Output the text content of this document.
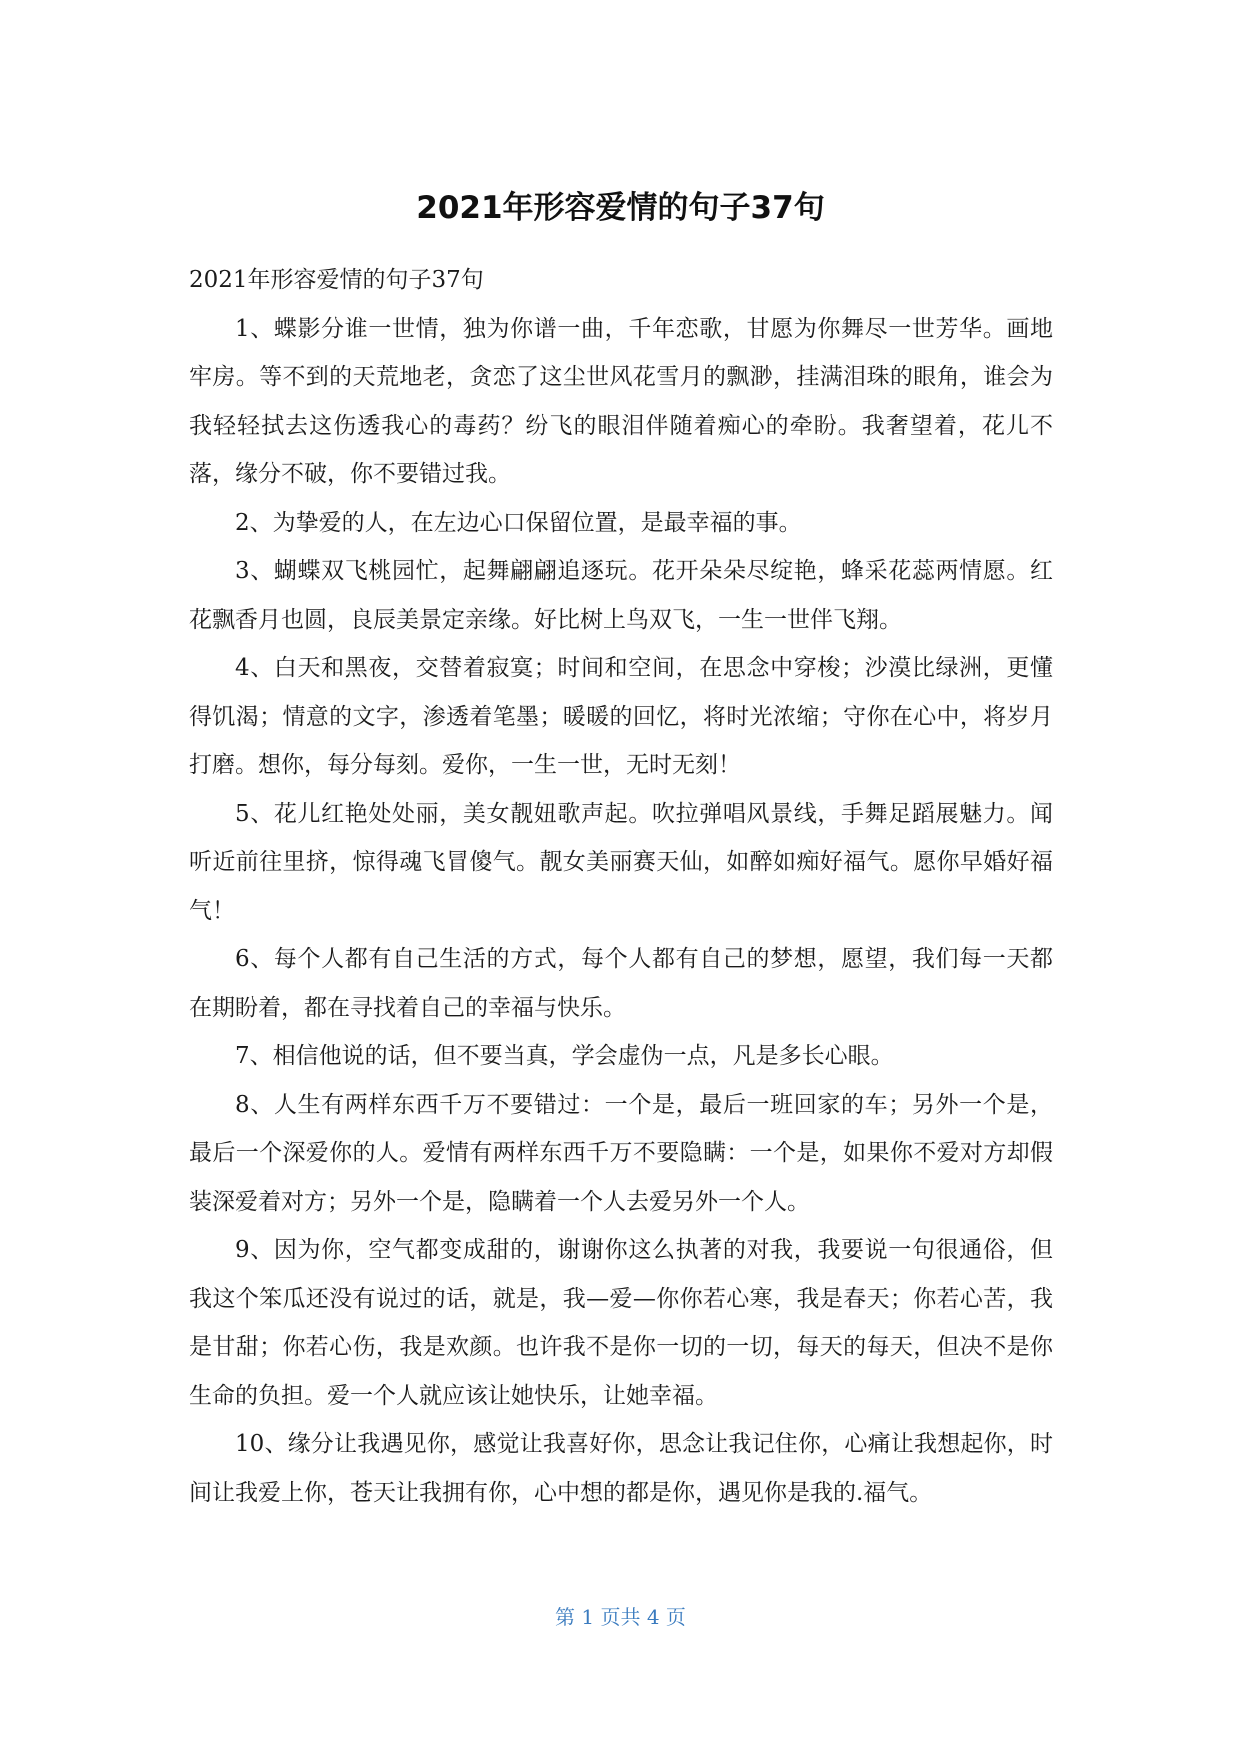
2021年形容爱情的句子37句

2021年形容爱情的句子37句

1、蝶影分谁一世情，独为你谱一曲，千年恋歌，甘愿为你舞尽一世芳华。画地牢房。等不到的天荒地老，贪恋了这尘世风花雪月的飘渺，挂满泪珠的眼角，谁会为我轻轻拭去这伤透我心的毒药？纷飞的眼泪伴随着痴心的牵盼。我奢望着，花儿不落，缘分不破，你不要错过我。

2、为挚爱的人，在左边心口保留位置，是最幸福的事。

3、蝴蝶双飞桃园忙，起舞翩翩追逐玩。花开朵朵尽绽艳，蜂采花蕊两情愿。红花飘香月也圆，良辰美景定亲缘。好比树上鸟双飞，一生一世伴飞翔。

4、白天和黑夜，交替着寂寞；时间和空间，在思念中穿梭；沙漠比绿洲，更懂得饥渴；情意的文字，渗透着笔墨；暖暖的回忆，将时光浓缩；守你在心中，将岁月打磨。想你，每分每刻。爱你，一生一世，无时无刻！

5、花儿红艳处处丽，美女靓妞歌声起。吹拉弹唱风景线，手舞足蹈展魅力。闻听近前往里挤，惊得魂飞冒傻气。靓女美丽赛天仙，如醉如痴好福气。愿你早婚好福气！

6、每个人都有自己生活的方式，每个人都有自己的梦想，愿望，我们每一天都在期盼着，都在寻找着自己的幸福与快乐。

7、相信他说的话，但不要当真，学会虚伪一点，凡是多长心眼。

8、人生有两样东西千万不要错过：一个是，最后一班回家的车；另外一个是，最后一个深爱你的人。爱情有两样东西千万不要隐瞒：一个是，如果你不爱对方却假装深爱着对方；另外一个是，隐瞒着一个人去爱另外一个人。

9、因为你，空气都变成甜的，谢谢你这么执著的对我，我要说一句很通俗，但我这个笨瓜还没有说过的话，就是，我—爱—你你若心寒，我是春天；你若心苦，我是甘甜；你若心伤，我是欢颜。也许我不是你一切的一切，每天的每天，但决不是你生命的负担。爱一个人就应该让她快乐，让她幸福。

10、缘分让我遇见你，感觉让我喜好你，思念让我记住你，心痛让我想起你，时间让我爱上你，苍天让我拥有你，心中想的都是你，遇见你是我的.福气。

第 1 页共 4 页
